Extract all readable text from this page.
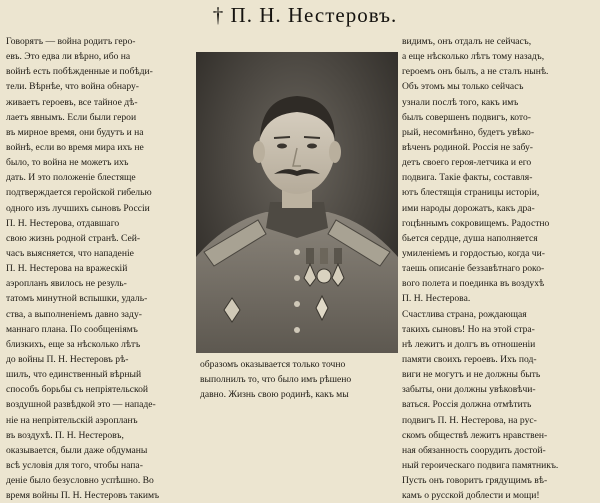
† П. Н. Нестеровъ.
Говорятъ — война родитъ геро-
евъ. Это едва ли вѣрно, ибо на
войнѣ есть побѣжденные и побѣди-
тели. Вѣрнѣе, что война обнару-
живаетъ героевъ, все тайное дѣ-
лаетъ явнымъ. Если были герои
въ мирное время, они будутъ и на
войнѣ, если во время мира ихъ не
было, то война не можетъ ихъ
дать. И это положеніе блестяще
подтверждается геройской гибелью
одного изъ лучшихъ сыновъ Россіи
П. Н. Нестерова, отдавшаго
свою жизнь родной странѣ. Сей-
часъ выясняется, что нападеніе
П. Н. Нестерова на вражескій
аэропланъ явилось не резуль-
татомъ минутной вспышки, удаль-
ства, а выполненіемъ давно заду-
маннаго плана. По сообщеніямъ
близкихъ, еще за нѣсколько лѣтъ
до войны П. Н. Нестеровъ рѣ-
шилъ, что единственный вѣрный
способъ борьбы съ непріятельской
воздушной развѣдкой это — нападе-
ніе на непріятельскій аэропланъ
въ воздухѣ. П. Н. Нестеровъ,
оказывается, были даже обдуманы
всѣ условія для того, чтобы напа-
деніе было безусловно успѣшно. Во
время войны П. Н. Нестеровъ такимъ
образомъ оказывается только точно
выполнилъ то, что было имъ рѣшено
давно. Жизнь свою родинѣ, какъ мы
видимъ, онъ отдалъ не сейчасъ,
а еще нѣсколько лѣтъ тому назадъ,
героемъ онъ былъ, а не сталъ нынѣ.
Объ этомъ мы только сейчасъ
узнали послѣ того, какъ имъ
былъ совершенъ подвигъ, кото-
рый, несомнѣнно, будетъ увѣко-
вѣченъ родиной. Россія не забу-
детъ своего героя-летчика и его
подвига. Такіе факты, составля-
ютъ блестящія страницы исторіи,
ими народы дорожатъ, какъ дра-
гоцѣннымъ сокровищемъ. Радостно
бьется сердце, душа наполняется
умиленіемъ и гордостью, когда чи-
таешь описаніе беззавѣтнаго роко-
вого полета и поединка въ воздухѣ
П. Н. Нестерова.
Счастлива страна, рождающая
такихъ сыновъ! Но на этой стра-
нѣ лежитъ и долгъ въ отношеніи
памяти своихъ героевъ. Ихъ под-
виги не могутъ и не должны быть
забыты, они должны увѣковѣчи-
ваться. Россія должна отмѣтить
подвигъ П. Н. Нестерова, на рус-
скомъ обществѣ лежитъ нравствен-
ная обязанность соорудить достой-
ный героическаго подвига памятникъ.
Пусть онъ говоритъ грядущимъ вѣ-
камъ о русской доблести и мощи!
